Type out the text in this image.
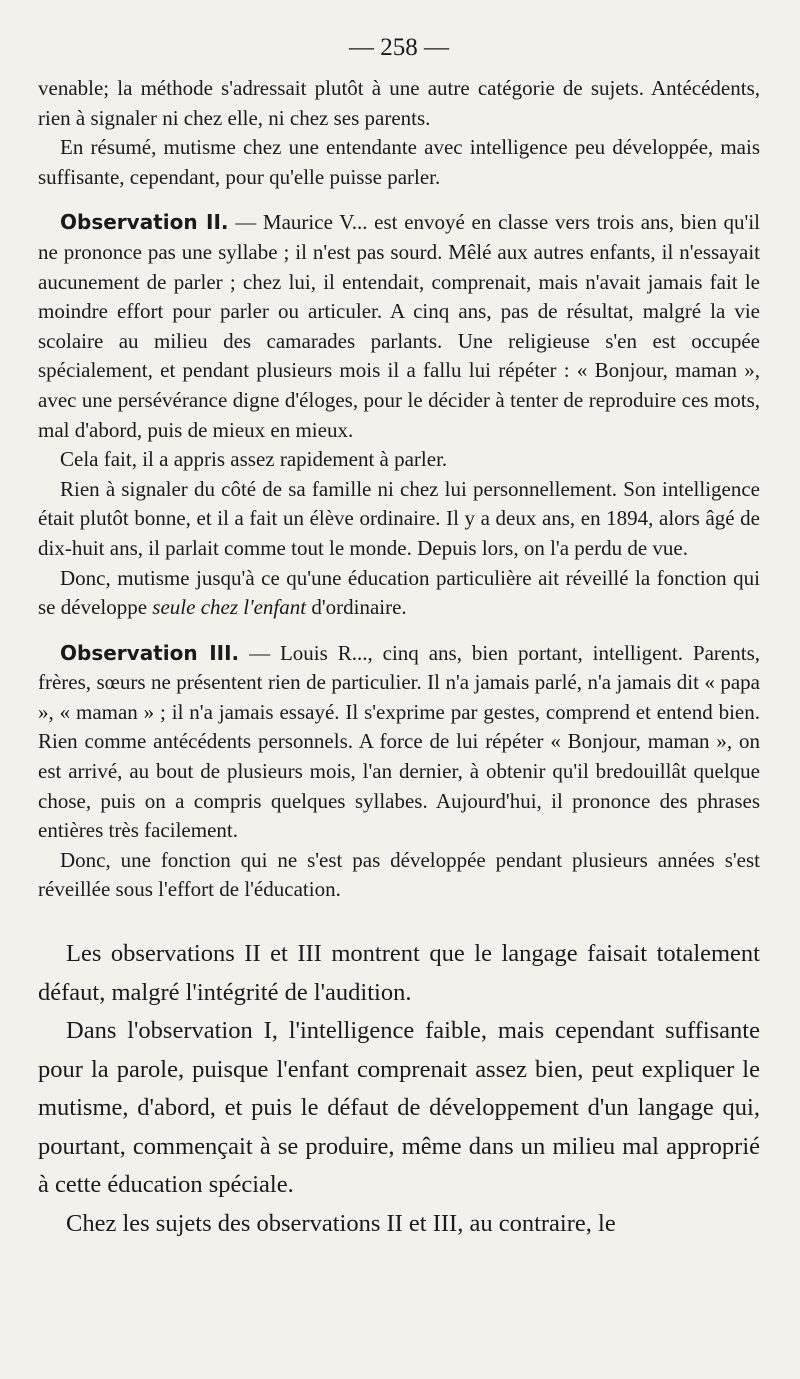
— 258 —

venable; la méthode s'adressait plutôt à une autre catégorie de sujets. Antécédents, rien à signaler ni chez elle, ni chez ses parents.

En résumé, mutisme chez une entendante avec intelligence peu développée, mais suffisante, cependant, pour qu'elle puisse parler.

Observation II. — Maurice V... est envoyé en classe vers trois ans, bien qu'il ne prononce pas une syllabe ; il n'est pas sourd. Mêlé aux autres enfants, il n'essayait aucunement de parler ; chez lui, il entendait, comprenait, mais n'avait jamais fait le moindre effort pour parler ou articuler. A cinq ans, pas de résultat, malgré la vie scolaire au milieu des camarades parlants. Une religieuse s'en est occupée spécialement, et pendant plusieurs mois il a fallu lui répéter : « Bonjour, maman », avec une persévérance digne d'éloges, pour le décider à tenter de reproduire ces mots, mal d'abord, puis de mieux en mieux.

Cela fait, il a appris assez rapidement à parler.

Rien à signaler du côté de sa famille ni chez lui personnellement. Son intelligence était plutôt bonne, et il a fait un élève ordinaire. Il y a deux ans, en 1894, alors âgé de dix-huit ans, il parlait comme tout le monde. Depuis lors, on l'a perdu de vue.

Donc, mutisme jusqu'à ce qu'une éducation particulière ait réveillé la fonction qui se développe seule chez l'enfant d'ordinaire.

Observation III. — Louis R..., cinq ans, bien portant, intelligent. Parents, frères, sœurs ne présentent rien de particulier. Il n'a jamais parlé, n'a jamais dit « papa », « maman » ; il n'a jamais essayé. Il s'exprime par gestes, comprend et entend bien. Rien comme antécédents personnels. A force de lui répéter « Bonjour, maman », on est arrivé, au bout de plusieurs mois, l'an dernier, à obtenir qu'il bredouillât quelque chose, puis on a compris quelques syllabes. Aujourd'hui, il prononce des phrases entières très facilement.

Donc, une fonction qui ne s'est pas développée pendant plusieurs années s'est réveillée sous l'effort de l'éducation.

Les observations II et III montrent que le langage faisait totalement défaut, malgré l'intégrité de l'audition.

Dans l'observation I, l'intelligence faible, mais cependant suffisante pour la parole, puisque l'enfant comprenait assez bien, peut expliquer le mutisme, d'abord, et puis le défaut de développement d'un langage qui, pourtant, commençait à se produire, même dans un milieu mal approprié à cette éducation spéciale.

Chez les sujets des observations II et III, au contraire, le
